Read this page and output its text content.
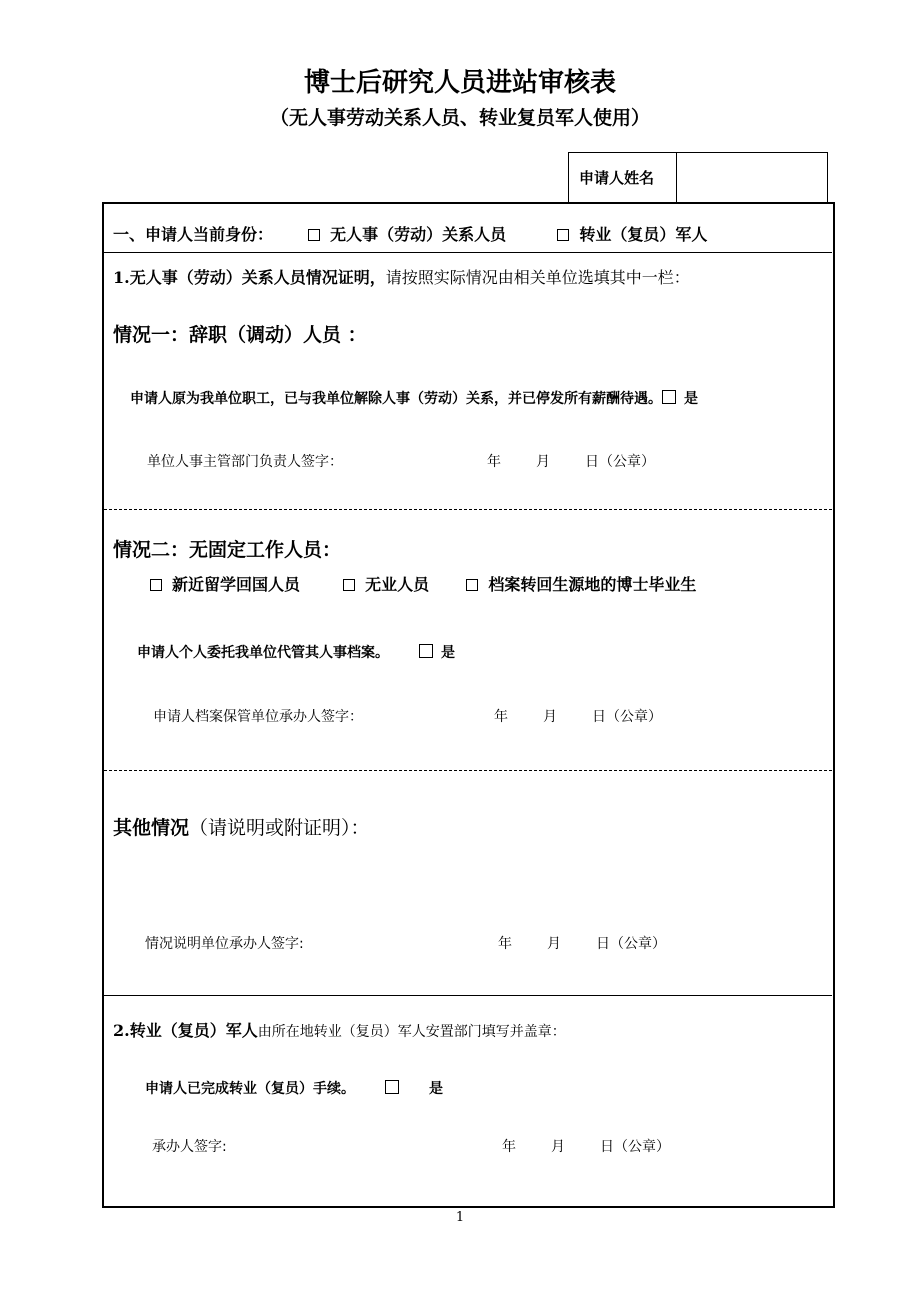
博士后研究人员进站审核表
（无人事劳动关系人员、转业复员军人使用）
申请人姓名
一、申请人当前身份：	无人事（劳动）关系人员	转业（复员）军人
1.无人事（劳动）关系人员情况证明，请按照实际情况由相关单位选填其中一栏：
情况一：辞职（调动）人员 ：
申请人原为我单位职工，已与我单位解除人事（劳动）关系，并已停发所有薪酬待遇。 是
单位人事主管部门负责人签字：	年	月	日（公章）
情况二：无固定工作人员：
新近留学回国人员	无业人员	档案转回生源地的博士毕业生
申请人个人委托我单位代管其人事档案。	是
申请人档案保管单位承办人签字：	年	月	日（公章）
其他情况（请说明或附证明）：
情况说明单位承办人签字:	年	月	日（公章）
2.转业（复员）军人由所在地转业（复员）军人安置部门填写并盖章：
申请人已完成转业（复员）手续。	是
承办人签字:	年	月	日（公章）
1
